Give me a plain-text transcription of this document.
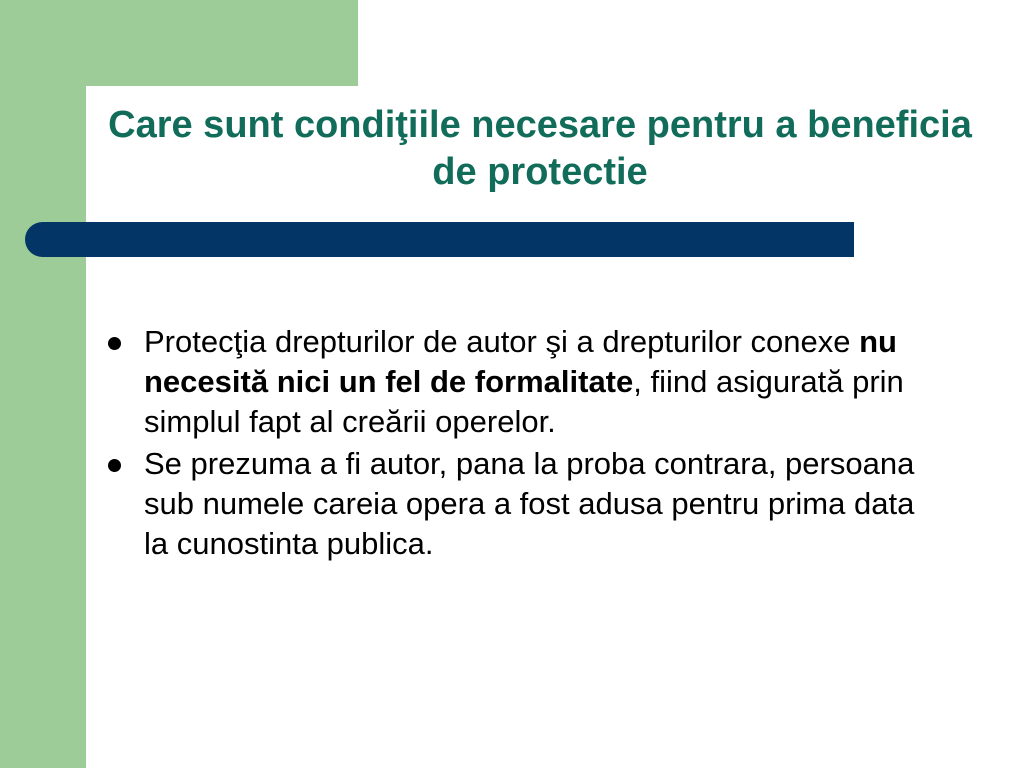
Care sunt condiţiile necesare pentru a beneficia de protectie
Protecţia drepturilor de autor şi a drepturilor conexe nu necesită nici un fel de formalitate, fiind asigurată prin simplul fapt al creării operelor.
Se prezuma a fi autor, pana la proba contrara, persoana sub numele careia opera a fost adusa pentru prima data la cunostinta publica.
